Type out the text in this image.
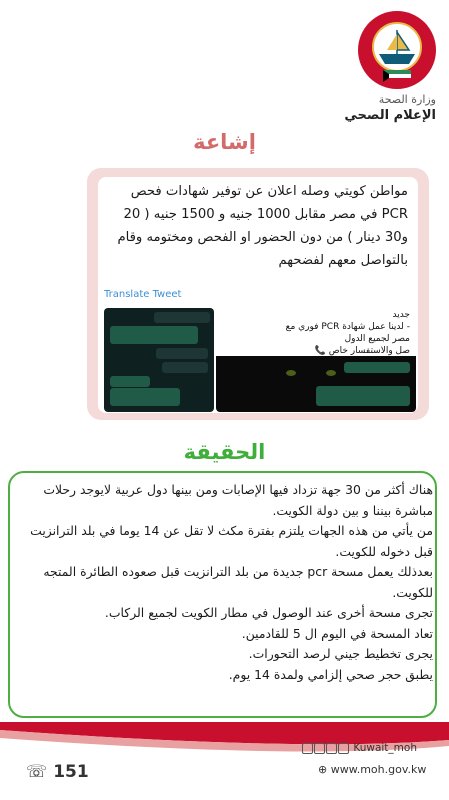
وزارة الصحة
الإعلام الصحي
إشاعة
مواطن كويتي وصله اعلان عن توفير شهادات فحص PCR في مصر مقابل 1000 جنيه و 1500 جنيه ( 20 و30 دينار ) من دون الحضور او الفحص ومختومه وقام بالتواصل معهم لفضحهم
Translate Tweet
جديد
- لدينا عمل شهادة PCR فوري مع
مصر لجميع الدول
صل والاستفسار خاص 📞
الحقيقة

هناك أكثر من 30 جهة تزداد فيها الإصابات ومن بينها دول عربية لايوجد رحلات مباشرة بيننا و بين دولة الكويت.

من يأتي من هذه الجهات يلتزم بفترة مكث لا تقل عن 14 يوما في بلد الترانزيت قبل دخوله للكويت.

بعدذلك يعمل مسحة pcr جديدة من بلد الترانزيت قبل صعوده الطائرة المتجه للكويت.

تجرى مسحة أخرى عند الوصول في مطار الكويت لجميع الركاب.

تعاد المسحة في اليوم ال 5 للقادمين.

يجرى تخطيط جيني لرصد التحورات.

يطبق حجر صحي إلزامي ولمدة 14 يوم.

☏ 151
Kuwait_moh
⊕ www.moh.gov.kw
